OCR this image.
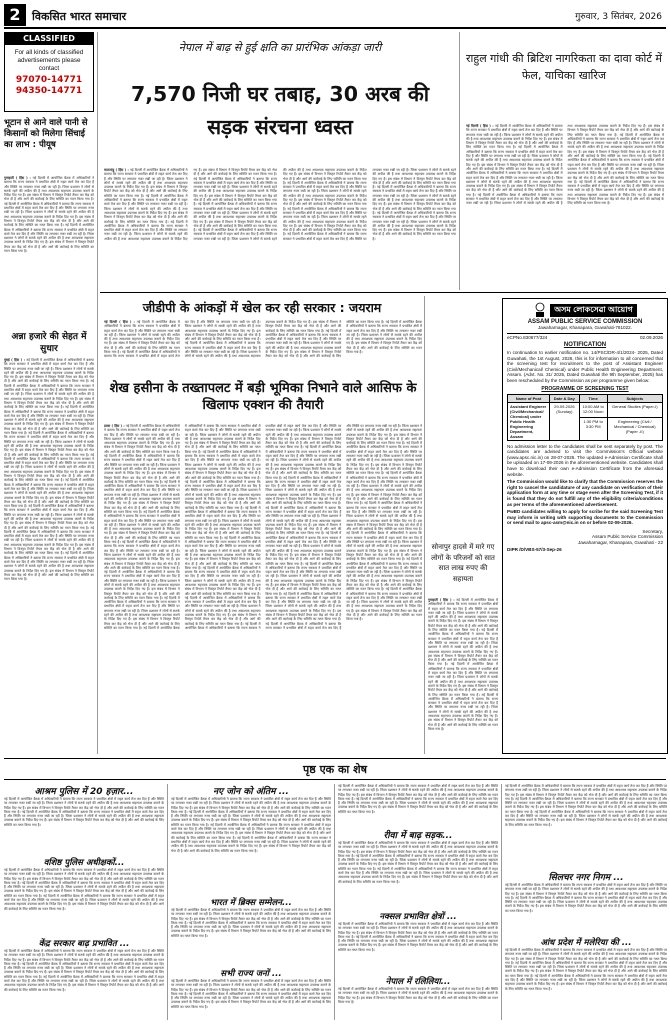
2	विकसित भारत समाचार	गुरुवार, 3 सितंबर, 2026
CLASSIFIED
For all kinds of classified advertisements please contact
97070-14771
94350-14771
भूटान से आने वाले पानी से किसानों को मिलेगा सिंचाई का लाभ : पीयूष
गुवाहाटी ( हिंस ) : नई दिल्ली में आयोजित बैठक में अधिकारियों ने बताया कि राज्य सरकार ने प्रभावित क्षेत्रों में राहत कार्य तेज कर दिए हैं और स्थिति पर लगातार नजर रखी जा रही है। जिला प्रशासन ने लोगों से सतर्क रहने की अपील की है तथा आवश्यक सहायता उपलब्ध कराने के निर्देश दिए गए हैं। इस संबंध में विभाग ने विस्तृत रिपोर्ट तैयार कर केंद्र को भेज दी है और आगे की कार्रवाई के लिए समिति का गठन किया गया है। नई दिल्ली में आयोजित बैठक में अधिकारियों ने बताया कि राज्य सरकार ने प्रभावित क्षेत्रों में राहत कार्य तेज कर दिए हैं और स्थिति पर लगातार नजर रखी जा रही है। जिला प्रशासन ने लोगों से सतर्क रहने की अपील की है तथा आवश्यक सहायता उपलब्ध कराने के निर्देश दिए गए हैं। इस संबंध में विभाग ने विस्तृत रिपोर्ट तैयार कर केंद्र को भेज दी है और आगे की कार्रवाई के लिए समिति का गठन किया गया है। नई दिल्ली में आयोजित बैठक में अधिकारियों ने बताया कि राज्य सरकार ने प्रभावित क्षेत्रों में राहत कार्य तेज कर दिए हैं और स्थिति पर लगातार नजर रखी जा रही है। जिला प्रशासन ने लोगों से सतर्क रहने की अपील की है तथा आवश्यक सहायता उपलब्ध कराने के निर्देश दिए गए हैं। इस संबंध में विभाग ने विस्तृत रिपोर्ट तैयार कर केंद्र को भेज दी है और आगे की कार्रवाई के लिए समिति का गठन किया गया है।
अन्ना हजारे की सेहत में सुधार
मुंबई ( हिंस ) : नई दिल्ली में आयोजित बैठक में अधिकारियों ने बताया कि राज्य सरकार ने प्रभावित क्षेत्रों में राहत कार्य तेज कर दिए हैं और स्थिति पर लगातार नजर रखी जा रही है। जिला प्रशासन ने लोगों से सतर्क रहने की अपील की है तथा आवश्यक सहायता उपलब्ध कराने के निर्देश दिए गए हैं। इस संबंध में विभाग ने विस्तृत रिपोर्ट तैयार कर केंद्र को भेज दी है और आगे की कार्रवाई के लिए समिति का गठन किया गया है। नई दिल्ली में आयोजित बैठक में अधिकारियों ने बताया कि राज्य सरकार ने प्रभावित क्षेत्रों में राहत कार्य तेज कर दिए हैं और स्थिति पर लगातार नजर रखी जा रही है। जिला प्रशासन ने लोगों से सतर्क रहने की अपील की है तथा आवश्यक सहायता उपलब्ध कराने के निर्देश दिए गए हैं। इस संबंध में विभाग ने विस्तृत रिपोर्ट तैयार कर केंद्र को भेज दी है और आगे की कार्रवाई के लिए समिति का गठन किया गया है। नई दिल्ली में आयोजित बैठक में अधिकारियों ने बताया कि राज्य सरकार ने प्रभावित क्षेत्रों में राहत कार्य तेज कर दिए हैं और स्थिति पर लगातार नजर रखी जा रही है। जिला प्रशासन ने लोगों से सतर्क रहने की अपील की है तथा आवश्यक सहायता उपलब्ध कराने के निर्देश दिए गए हैं। इस संबंध में विभाग ने विस्तृत रिपोर्ट तैयार कर केंद्र को भेज दी है और आगे की कार्रवाई के लिए समिति का गठन किया गया है। नई दिल्ली में आयोजित बैठक में अधिकारियों ने बताया कि राज्य सरकार ने प्रभावित क्षेत्रों में राहत कार्य तेज कर दिए हैं और स्थिति पर लगातार नजर रखी जा रही है। जिला प्रशासन ने लोगों से सतर्क रहने की अपील की है तथा आवश्यक सहायता उपलब्ध कराने के निर्देश दिए गए हैं। इस संबंध में विभाग ने विस्तृत रिपोर्ट तैयार कर केंद्र को भेज दी है और आगे की कार्रवाई के लिए समिति का गठन किया गया है। नई दिल्ली में आयोजित बैठक में अधिकारियों ने बताया कि राज्य सरकार ने प्रभावित क्षेत्रों में राहत कार्य तेज कर दिए हैं और स्थिति पर लगातार नजर रखी जा रही है। जिला प्रशासन ने लोगों से सतर्क रहने की अपील की है तथा आवश्यक सहायता उपलब्ध कराने के निर्देश दिए गए हैं। इस संबंध में विभाग ने विस्तृत रिपोर्ट तैयार कर केंद्र को भेज दी है और आगे की कार्रवाई के लिए समिति का गठन किया गया है। नई दिल्ली में आयोजित बैठक में अधिकारियों ने बताया कि राज्य सरकार ने प्रभावित क्षेत्रों में राहत कार्य तेज कर दिए हैं और स्थिति पर लगातार नजर रखी जा रही है। जिला प्रशासन ने लोगों से सतर्क रहने की अपील की है तथा आवश्यक सहायता उपलब्ध कराने के निर्देश दिए गए हैं। इस संबंध में विभाग ने विस्तृत रिपोर्ट तैयार कर केंद्र को भेज दी है और आगे की कार्रवाई के लिए समिति का गठन किया गया है। नई दिल्ली में आयोजित बैठक में अधिकारियों ने बताया कि राज्य सरकार ने प्रभावित क्षेत्रों में राहत कार्य तेज कर दिए हैं और स्थिति पर लगातार नजर रखी जा रही है। जिला प्रशासन ने लोगों से सतर्क रहने की अपील की है तथा आवश्यक सहायता उपलब्ध कराने के निर्देश दिए गए हैं। इस संबंध में विभाग ने विस्तृत रिपोर्ट तैयार कर केंद्र को भेज दी है और आगे की कार्रवाई के लिए समिति का गठन किया गया है। नई दिल्ली में आयोजित बैठक में अधिकारियों ने बताया कि राज्य सरकार ने प्रभावित क्षेत्रों में राहत कार्य तेज कर दिए हैं और स्थिति पर लगातार नजर रखी जा रही है। जिला प्रशासन ने लोगों से सतर्क रहने की अपील की है तथा आवश्यक सहायता उपलब्ध कराने के निर्देश दिए गए हैं। इस संबंध में विभाग ने विस्तृत रिपोर्ट तैयार कर केंद्र को भेज दी है और आगे की कार्रवाई के लिए समिति का गठन किया गया है। नई दिल्ली में आयोजित बैठक में अधिकारियों ने बताया कि राज्य सरकार ने प्रभावित क्षेत्रों में राहत कार्य तेज कर दिए हैं और स्थिति पर लगातार नजर रखी जा रही है। जिला प्रशासन ने लोगों से सतर्क रहने की अपील की है तथा आवश्यक सहायता उपलब्ध कराने के निर्देश दिए गए हैं। इस संबंध में विभाग ने विस्तृत रिपोर्ट तैयार कर केंद्र को भेज दी है और आगे की कार्रवाई के लिए समिति का गठन किया गया है।
नेपाल में बाढ़ से हुई क्षति का प्रारंभिक आंकड़ा जारी
7,570 निजी घर तबाह, 30 अरब की सड़क संरचना ध्वस्त
काठमांडू ( हिंस ) : नई दिल्ली में आयोजित बैठक में अधिकारियों ने बताया कि राज्य सरकार ने प्रभावित क्षेत्रों में राहत कार्य तेज कर दिए हैं और स्थिति पर लगातार नजर रखी जा रही है। जिला प्रशासन ने लोगों से सतर्क रहने की अपील की है तथा आवश्यक सहायता उपलब्ध कराने के निर्देश दिए गए हैं। इस संबंध में विभाग ने विस्तृत रिपोर्ट तैयार कर केंद्र को भेज दी है और आगे की कार्रवाई के लिए समिति का गठन किया गया है। नई दिल्ली में आयोजित बैठक में अधिकारियों ने बताया कि राज्य सरकार ने प्रभावित क्षेत्रों में राहत कार्य तेज कर दिए हैं और स्थिति पर लगातार नजर रखी जा रही है। जिला प्रशासन ने लोगों से सतर्क रहने की अपील की है तथा आवश्यक सहायता उपलब्ध कराने के निर्देश दिए गए हैं। इस संबंध में विभाग ने विस्तृत रिपोर्ट तैयार कर केंद्र को भेज दी है और आगे की कार्रवाई के लिए समिति का गठन किया गया है। नई दिल्ली में आयोजित बैठक में अधिकारियों ने बताया कि राज्य सरकार ने प्रभावित क्षेत्रों में राहत कार्य तेज कर दिए हैं और स्थिति पर लगातार नजर रखी जा रही है। जिला प्रशासन ने लोगों से सतर्क रहने की अपील की है तथा आवश्यक सहायता उपलब्ध कराने के निर्देश दिए गए हैं। इस संबंध में विभाग ने विस्तृत रिपोर्ट तैयार कर केंद्र को भेज दी है और आगे की कार्रवाई के लिए समिति का गठन किया गया है। नई दिल्ली में आयोजित बैठक में अधिकारियों ने बताया कि राज्य सरकार ने प्रभावित क्षेत्रों में राहत कार्य तेज कर दिए हैं और स्थिति पर लगातार नजर रखी जा रही है। जिला प्रशासन ने लोगों से सतर्क रहने की अपील की है तथा आवश्यक सहायता उपलब्ध कराने के निर्देश दिए गए हैं। इस संबंध में विभाग ने विस्तृत रिपोर्ट तैयार कर केंद्र को भेज दी है और आगे की कार्रवाई के लिए समिति का गठन किया गया है। नई दिल्ली में आयोजित बैठक में अधिकारियों ने बताया कि राज्य सरकार ने प्रभावित क्षेत्रों में राहत कार्य तेज कर दिए हैं और स्थिति पर लगातार नजर रखी जा रही है। जिला प्रशासन ने लोगों से सतर्क रहने की अपील की है तथा आवश्यक सहायता उपलब्ध कराने के निर्देश दिए गए हैं। इस संबंध में विभाग ने विस्तृत रिपोर्ट तैयार कर केंद्र को भेज दी है और आगे की कार्रवाई के लिए समिति का गठन किया गया है। नई दिल्ली में आयोजित बैठक में अधिकारियों ने बताया कि राज्य सरकार ने प्रभावित क्षेत्रों में राहत कार्य तेज कर दिए हैं और स्थिति पर लगातार नजर रखी जा रही है। जिला प्रशासन ने लोगों से सतर्क रहने की अपील की है तथा आवश्यक सहायता उपलब्ध कराने के निर्देश दिए गए हैं। इस संबंध में विभाग ने विस्तृत रिपोर्ट तैयार कर केंद्र को भेज दी है और आगे की कार्रवाई के लिए समिति का गठन किया गया है। नई दिल्ली में आयोजित बैठक में अधिकारियों ने बताया कि राज्य सरकार ने प्रभावित क्षेत्रों में राहत कार्य तेज कर दिए हैं और स्थिति पर लगातार नजर रखी जा रही है। जिला प्रशासन ने लोगों से सतर्क रहने की अपील की है तथा आवश्यक सहायता उपलब्ध कराने के निर्देश दिए गए हैं। इस संबंध में विभाग ने विस्तृत रिपोर्ट तैयार कर केंद्र को भेज दी है और आगे की कार्रवाई के लिए समिति का गठन किया गया है। नई दिल्ली में आयोजित बैठक में अधिकारियों ने बताया कि राज्य सरकार ने प्रभावित क्षेत्रों में राहत कार्य तेज कर दिए हैं और स्थिति पर लगातार नजर रखी जा रही है। जिला प्रशासन ने लोगों से सतर्क रहने की अपील की है तथा आवश्यक सहायता उपलब्ध कराने के निर्देश दिए गए हैं। इस संबंध में विभाग ने विस्तृत रिपोर्ट तैयार कर केंद्र को भेज दी है और आगे की कार्रवाई के लिए समिति का गठन किया गया है। नई दिल्ली में आयोजित बैठक में अधिकारियों ने बताया कि राज्य सरकार ने प्रभावित क्षेत्रों में राहत कार्य तेज कर दिए हैं और स्थिति पर लगातार नजर रखी जा रही है। जिला प्रशासन ने लोगों से सतर्क रहने की अपील की है तथा आवश्यक सहायता उपलब्ध कराने के निर्देश दिए गए हैं। इस संबंध में विभाग ने विस्तृत रिपोर्ट तैयार कर केंद्र को भेज दी है और आगे की कार्रवाई के लिए समिति का गठन किया गया है। नई दिल्ली में आयोजित बैठक में अधिकारियों ने बताया कि राज्य सरकार ने प्रभावित क्षेत्रों में राहत कार्य तेज कर दिए हैं और स्थिति पर लगातार नजर रखी जा रही है। जिला प्रशासन ने लोगों से सतर्क रहने की अपील की है तथा आवश्यक सहायता उपलब्ध कराने के निर्देश दिए गए हैं। इस संबंध में विभाग ने विस्तृत रिपोर्ट तैयार कर केंद्र को भेज दी है और आगे की कार्रवाई के लिए समिति का गठन किया गया है। नई दिल्ली में आयोजित बैठक में अधिकारियों ने बताया कि राज्य सरकार ने प्रभावित क्षेत्रों में राहत कार्य तेज कर दिए हैं और स्थिति पर लगातार नजर रखी जा रही है। जिला प्रशासन ने लोगों से सतर्क रहने की अपील की है तथा आवश्यक सहायता उपलब्ध कराने के निर्देश दिए गए हैं। इस संबंध में विभाग ने विस्तृत रिपोर्ट तैयार कर केंद्र को भेज दी है और आगे की कार्रवाई के लिए समिति का गठन किया गया है।
राहुल गांधी की ब्रिटिश नागरिकता का दावा कोर्ट में फेल, याचिका खारिज
नई दिल्ली ( हिंस ) : नई दिल्ली में आयोजित बैठक में अधिकारियों ने बताया कि राज्य सरकार ने प्रभावित क्षेत्रों में राहत कार्य तेज कर दिए हैं और स्थिति पर लगातार नजर रखी जा रही है। जिला प्रशासन ने लोगों से सतर्क रहने की अपील की है तथा आवश्यक सहायता उपलब्ध कराने के निर्देश दिए गए हैं। इस संबंध में विभाग ने विस्तृत रिपोर्ट तैयार कर केंद्र को भेज दी है और आगे की कार्रवाई के लिए समिति का गठन किया गया है। नई दिल्ली में आयोजित बैठक में अधिकारियों ने बताया कि राज्य सरकार ने प्रभावित क्षेत्रों में राहत कार्य तेज कर दिए हैं और स्थिति पर लगातार नजर रखी जा रही है। जिला प्रशासन ने लोगों से सतर्क रहने की अपील की है तथा आवश्यक सहायता उपलब्ध कराने के निर्देश दिए गए हैं। इस संबंध में विभाग ने विस्तृत रिपोर्ट तैयार कर केंद्र को भेज दी है और आगे की कार्रवाई के लिए समिति का गठन किया गया है। नई दिल्ली में आयोजित बैठक में अधिकारियों ने बताया कि राज्य सरकार ने प्रभावित क्षेत्रों में राहत कार्य तेज कर दिए हैं और स्थिति पर लगातार नजर रखी जा रही है। जिला प्रशासन ने लोगों से सतर्क रहने की अपील की है तथा आवश्यक सहायता उपलब्ध कराने के निर्देश दिए गए हैं। इस संबंध में विभाग ने विस्तृत रिपोर्ट तैयार कर केंद्र को भेज दी है और आगे की कार्रवाई के लिए समिति का गठन किया गया है। नई दिल्ली में आयोजित बैठक में अधिकारियों ने बताया कि राज्य सरकार ने प्रभावित क्षेत्रों में राहत कार्य तेज कर दिए हैं और स्थिति पर लगातार नजर रखी जा रही है। जिला प्रशासन ने लोगों से सतर्क रहने की अपील की है तथा आवश्यक सहायता उपलब्ध कराने के निर्देश दिए गए हैं। इस संबंध में विभाग ने विस्तृत रिपोर्ट तैयार कर केंद्र को भेज दी है और आगे की कार्रवाई के लिए समिति का गठन किया गया है। नई दिल्ली में आयोजित बैठक में अधिकारियों ने बताया कि राज्य सरकार ने प्रभावित क्षेत्रों में राहत कार्य तेज कर दिए हैं और स्थिति पर लगातार नजर रखी जा रही है। जिला प्रशासन ने लोगों से सतर्क रहने की अपील की है तथा आवश्यक सहायता उपलब्ध कराने के निर्देश दिए गए हैं। इस संबंध में विभाग ने विस्तृत रिपोर्ट तैयार कर केंद्र को भेज दी है और आगे की कार्रवाई के लिए समिति का गठन किया गया है। नई दिल्ली में आयोजित बैठक में अधिकारियों ने बताया कि राज्य सरकार ने प्रभावित क्षेत्रों में राहत कार्य तेज कर दिए हैं और स्थिति पर लगातार नजर रखी जा रही है। जिला प्रशासन ने लोगों से सतर्क रहने की अपील की है तथा आवश्यक सहायता उपलब्ध कराने के निर्देश दिए गए हैं। इस संबंध में विभाग ने विस्तृत रिपोर्ट तैयार कर केंद्र को भेज दी है और आगे की कार्रवाई के लिए समिति का गठन किया गया है। नई दिल्ली में आयोजित बैठक में अधिकारियों ने बताया कि राज्य सरकार ने प्रभावित क्षेत्रों में राहत कार्य तेज कर दिए हैं और स्थिति पर लगातार नजर रखी जा रही है। जिला प्रशासन ने लोगों से सतर्क रहने की अपील की है तथा आवश्यक सहायता उपलब्ध कराने के निर्देश दिए गए हैं। इस संबंध में विभाग ने विस्तृत रिपोर्ट तैयार कर केंद्र को भेज दी है और आगे की कार्रवाई के लिए समिति का गठन किया गया है।
जीडीपी के आंकड़ों में खेल कर रही सरकार : जयराम
नई दिल्ली ( हिंस ) : नई दिल्ली में आयोजित बैठक में अधिकारियों ने बताया कि राज्य सरकार ने प्रभावित क्षेत्रों में राहत कार्य तेज कर दिए हैं और स्थिति पर लगातार नजर रखी जा रही है। जिला प्रशासन ने लोगों से सतर्क रहने की अपील की है तथा आवश्यक सहायता उपलब्ध कराने के निर्देश दिए गए हैं। इस संबंध में विभाग ने विस्तृत रिपोर्ट तैयार कर केंद्र को भेज दी है और आगे की कार्रवाई के लिए समिति का गठन किया गया है। नई दिल्ली में आयोजित बैठक में अधिकारियों ने बताया कि राज्य सरकार ने प्रभावित क्षेत्रों में राहत कार्य तेज कर दिए हैं और स्थिति पर लगातार नजर रखी जा रही है। जिला प्रशासन ने लोगों से सतर्क रहने की अपील की है तथा आवश्यक सहायता उपलब्ध कराने के निर्देश दिए गए हैं। इस संबंध में विभाग ने विस्तृत रिपोर्ट तैयार कर केंद्र को भेज दी है और आगे की कार्रवाई के लिए समिति का गठन किया गया है। नई दिल्ली में आयोजित बैठक में अधिकारियों ने बताया कि राज्य सरकार ने प्रभावित क्षेत्रों में राहत कार्य तेज कर दिए हैं और स्थिति पर लगातार नजर रखी जा रही है। जिला प्रशासन ने लोगों से सतर्क रहने की अपील की है तथा आवश्यक सहायता उपलब्ध कराने के निर्देश दिए गए हैं। इस संबंध में विभाग ने विस्तृत रिपोर्ट तैयार कर केंद्र को भेज दी है और आगे की कार्रवाई के लिए समिति का गठन किया गया है। नई दिल्ली में आयोजित बैठक में अधिकारियों ने बताया कि राज्य सरकार ने प्रभावित क्षेत्रों में राहत कार्य तेज कर दिए हैं और स्थिति पर लगातार नजर रखी जा रही है। जिला प्रशासन ने लोगों से सतर्क रहने की अपील की है तथा आवश्यक सहायता उपलब्ध कराने के निर्देश दिए गए हैं। इस संबंध में विभाग ने विस्तृत रिपोर्ट तैयार कर केंद्र को भेज दी है और आगे की कार्रवाई के लिए समिति का गठन किया गया है। नई दिल्ली में आयोजित बैठक में अधिकारियों ने बताया कि राज्य सरकार ने प्रभावित क्षेत्रों में राहत कार्य तेज कर दिए हैं और स्थिति पर लगातार नजर रखी जा रही है। जिला प्रशासन ने लोगों से सतर्क रहने की अपील की है तथा आवश्यक सहायता उपलब्ध कराने के निर्देश दिए गए हैं। इस संबंध में विभाग ने विस्तृत रिपोर्ट तैयार कर केंद्र को भेज दी है और आगे की कार्रवाई के लिए समिति का गठन किया गया है।
शेख हसीना के तख्तापलट में बड़ी भूमिका निभाने वाले आसिफ के खिलाफ एक्शन की तैयारी
ढाका ( हिंस ) : नई दिल्ली में आयोजित बैठक में अधिकारियों ने बताया कि राज्य सरकार ने प्रभावित क्षेत्रों में राहत कार्य तेज कर दिए हैं और स्थिति पर लगातार नजर रखी जा रही है। जिला प्रशासन ने लोगों से सतर्क रहने की अपील की है तथा आवश्यक सहायता उपलब्ध कराने के निर्देश दिए गए हैं। इस संबंध में विभाग ने विस्तृत रिपोर्ट तैयार कर केंद्र को भेज दी है और आगे की कार्रवाई के लिए समिति का गठन किया गया है। नई दिल्ली में आयोजित बैठक में अधिकारियों ने बताया कि राज्य सरकार ने प्रभावित क्षेत्रों में राहत कार्य तेज कर दिए हैं और स्थिति पर लगातार नजर रखी जा रही है। जिला प्रशासन ने लोगों से सतर्क रहने की अपील की है तथा आवश्यक सहायता उपलब्ध कराने के निर्देश दिए गए हैं। इस संबंध में विभाग ने विस्तृत रिपोर्ट तैयार कर केंद्र को भेज दी है और आगे की कार्रवाई के लिए समिति का गठन किया गया है। नई दिल्ली में आयोजित बैठक में अधिकारियों ने बताया कि राज्य सरकार ने प्रभावित क्षेत्रों में राहत कार्य तेज कर दिए हैं और स्थिति पर लगातार नजर रखी जा रही है। जिला प्रशासन ने लोगों से सतर्क रहने की अपील की है तथा आवश्यक सहायता उपलब्ध कराने के निर्देश दिए गए हैं। इस संबंध में विभाग ने विस्तृत रिपोर्ट तैयार कर केंद्र को भेज दी है और आगे की कार्रवाई के लिए समिति का गठन किया गया है। नई दिल्ली में आयोजित बैठक में अधिकारियों ने बताया कि राज्य सरकार ने प्रभावित क्षेत्रों में राहत कार्य तेज कर दिए हैं और स्थिति पर लगातार नजर रखी जा रही है। जिला प्रशासन ने लोगों से सतर्क रहने की अपील की है तथा आवश्यक सहायता उपलब्ध कराने के निर्देश दिए गए हैं। इस संबंध में विभाग ने विस्तृत रिपोर्ट तैयार कर केंद्र को भेज दी है और आगे की कार्रवाई के लिए समिति का गठन किया गया है। नई दिल्ली में आयोजित बैठक में अधिकारियों ने बताया कि राज्य सरकार ने प्रभावित क्षेत्रों में राहत कार्य तेज कर दिए हैं और स्थिति पर लगातार नजर रखी जा रही है। जिला प्रशासन ने लोगों से सतर्क रहने की अपील की है तथा आवश्यक सहायता उपलब्ध कराने के निर्देश दिए गए हैं। इस संबंध में विभाग ने विस्तृत रिपोर्ट तैयार कर केंद्र को भेज दी है और आगे की कार्रवाई के लिए समिति का गठन किया गया है। नई दिल्ली में आयोजित बैठक में अधिकारियों ने बताया कि राज्य सरकार ने प्रभावित क्षेत्रों में राहत कार्य तेज कर दिए हैं और स्थिति पर लगातार नजर रखी जा रही है। जिला प्रशासन ने लोगों से सतर्क रहने की अपील की है तथा आवश्यक सहायता उपलब्ध कराने के निर्देश दिए गए हैं। इस संबंध में विभाग ने विस्तृत रिपोर्ट तैयार कर केंद्र को भेज दी है और आगे की कार्रवाई के लिए समिति का गठन किया गया है। नई दिल्ली में आयोजित बैठक में अधिकारियों ने बताया कि राज्य सरकार ने प्रभावित क्षेत्रों में राहत कार्य तेज कर दिए हैं और स्थिति पर लगातार नजर रखी जा रही है। जिला प्रशासन ने लोगों से सतर्क रहने की अपील की है तथा आवश्यक सहायता उपलब्ध कराने के निर्देश दिए गए हैं। इस संबंध में विभाग ने विस्तृत रिपोर्ट तैयार कर केंद्र को भेज दी है और आगे की कार्रवाई के लिए समिति का गठन किया गया है। नई दिल्ली में आयोजित बैठक में अधिकारियों ने बताया कि राज्य सरकार ने प्रभावित क्षेत्रों में राहत कार्य तेज कर दिए हैं और स्थिति पर लगातार नजर रखी जा रही है। जिला प्रशासन ने लोगों से सतर्क रहने की अपील की है तथा आवश्यक सहायता उपलब्ध कराने के निर्देश दिए गए हैं। इस संबंध में विभाग ने विस्तृत रिपोर्ट तैयार कर केंद्र को भेज दी है और आगे की कार्रवाई के लिए समिति का गठन किया गया है। नई दिल्ली में आयोजित बैठक में अधिकारियों ने बताया कि राज्य सरकार ने प्रभावित क्षेत्रों में राहत कार्य तेज कर दिए हैं और स्थिति पर लगातार नजर रखी जा रही है। जिला प्रशासन ने लोगों से सतर्क रहने की अपील की है तथा आवश्यक सहायता उपलब्ध कराने के निर्देश दिए गए हैं। इस संबंध में विभाग ने विस्तृत रिपोर्ट तैयार कर केंद्र को भेज दी है और आगे की कार्रवाई के लिए समिति का गठन किया गया है। नई दिल्ली में आयोजित बैठक में अधिकारियों ने बताया कि राज्य सरकार ने प्रभावित क्षेत्रों में राहत कार्य तेज कर दिए हैं और स्थिति पर लगातार नजर रखी जा रही है। जिला प्रशासन ने लोगों से सतर्क रहने की अपील की है तथा आवश्यक सहायता उपलब्ध कराने के निर्देश दिए गए हैं। इस संबंध में विभाग ने विस्तृत रिपोर्ट तैयार कर केंद्र को भेज दी है और आगे की कार्रवाई के लिए समिति का गठन किया गया है। नई दिल्ली में आयोजित बैठक में अधिकारियों ने बताया कि राज्य सरकार ने प्रभावित क्षेत्रों में राहत कार्य तेज कर दिए हैं और स्थिति पर लगातार नजर रखी जा रही है। जिला प्रशासन ने लोगों से सतर्क रहने की अपील की है तथा आवश्यक सहायता उपलब्ध कराने के निर्देश दिए गए हैं। इस संबंध में विभाग ने विस्तृत रिपोर्ट तैयार कर केंद्र को भेज दी है और आगे की कार्रवाई के लिए समिति का गठन किया गया है। नई दिल्ली में आयोजित बैठक में अधिकारियों ने बताया कि राज्य सरकार ने प्रभावित क्षेत्रों में राहत कार्य तेज कर दिए हैं और स्थिति पर लगातार नजर रखी जा रही है। जिला प्रशासन ने लोगों से सतर्क रहने की अपील की है तथा आवश्यक सहायता उपलब्ध कराने के निर्देश दिए गए हैं। इस संबंध में विभाग ने विस्तृत रिपोर्ट तैयार कर केंद्र को भेज दी है और आगे की कार्रवाई के लिए समिति का गठन किया गया है। नई दिल्ली में आयोजित बैठक में अधिकारियों ने बताया कि राज्य सरकार ने प्रभावित क्षेत्रों में राहत कार्य तेज कर दिए हैं और स्थिति पर लगातार नजर रखी जा रही है। जिला प्रशासन ने लोगों से सतर्क रहने की अपील की है तथा आवश्यक सहायता उपलब्ध कराने के निर्देश दिए गए हैं। इस संबंध में विभाग ने विस्तृत रिपोर्ट तैयार कर केंद्र को भेज दी है और आगे की कार्रवाई के लिए समिति का गठन किया गया है। नई दिल्ली में आयोजित बैठक में अधिकारियों ने बताया कि राज्य सरकार ने प्रभावित क्षेत्रों में राहत कार्य तेज कर दिए हैं और स्थिति पर लगातार नजर रखी जा रही है। जिला प्रशासन ने लोगों से सतर्क रहने की अपील की है तथा आवश्यक सहायता उपलब्ध कराने के निर्देश दिए गए हैं। इस संबंध में विभाग ने विस्तृत रिपोर्ट तैयार कर केंद्र को भेज दी है और आगे की कार्रवाई के लिए समिति का गठन किया गया है। नई दिल्ली में आयोजित बैठक में अधिकारियों ने बताया कि राज्य सरकार ने प्रभावित क्षेत्रों में राहत कार्य तेज कर दिए हैं और स्थिति पर लगातार नजर रखी जा रही है। जिला प्रशासन ने लोगों से सतर्क रहने की अपील की है तथा आवश्यक सहायता उपलब्ध कराने के निर्देश दिए गए हैं। इस संबंध में विभाग ने विस्तृत रिपोर्ट तैयार कर केंद्र को भेज दी है और आगे की कार्रवाई के लिए समिति का गठन किया गया है। नई दिल्ली में आयोजित बैठक में अधिकारियों ने बताया कि राज्य सरकार ने प्रभावित क्षेत्रों में राहत कार्य तेज कर दिए हैं और स्थिति पर लगातार नजर रखी जा रही है। जिला प्रशासन ने लोगों से सतर्क रहने की अपील की है तथा आवश्यक सहायता उपलब्ध कराने के निर्देश दिए गए हैं। इस संबंध में विभाग ने विस्तृत रिपोर्ट तैयार कर केंद्र को भेज दी है और आगे की कार्रवाई के लिए समिति का गठन किया गया है। नई दिल्ली में आयोजित बैठक में अधिकारियों ने बताया कि राज्य सरकार ने प्रभावित क्षेत्रों में राहत कार्य तेज कर दिए हैं और स्थिति पर लगातार नजर रखी जा रही है। जिला प्रशासन ने लोगों से सतर्क रहने की अपील की है तथा आवश्यक सहायता उपलब्ध कराने के निर्देश दिए गए हैं। इस संबंध में विभाग ने विस्तृत रिपोर्ट तैयार कर केंद्र को भेज दी है और आगे की कार्रवाई के लिए समिति का गठन किया गया है। नई दिल्ली में आयोजित बैठक में अधिकारियों ने बताया कि राज्य सरकार ने प्रभावित क्षेत्रों में राहत कार्य तेज कर दिए हैं और स्थिति पर लगातार नजर रखी जा रही है। जिला प्रशासन ने लोगों से सतर्क रहने की अपील की है तथा आवश्यक सहायता उपलब्ध कराने के निर्देश दिए गए हैं। इस संबंध में विभाग ने विस्तृत रिपोर्ट तैयार कर केंद्र को भेज दी है और आगे की कार्रवाई के लिए समिति का गठन किया गया है। नई दिल्ली में आयोजित बैठक में अधिकारियों ने बताया कि राज्य सरकार ने प्रभावित क्षेत्रों में राहत कार्य तेज कर दिए हैं और स्थिति पर लगातार नजर रखी जा रही है। जिला प्रशासन ने लोगों से सतर्क रहने की अपील की है तथा आवश्यक सहायता उपलब्ध कराने के निर्देश दिए गए हैं। इस संबंध में विभाग ने विस्तृत रिपोर्ट तैयार कर केंद्र को भेज दी है और आगे की कार्रवाई के लिए समिति का गठन किया गया है। नई दिल्ली में आयोजित बैठक में अधिकारियों ने बताया कि राज्य सरकार ने प्रभावित क्षेत्रों में राहत कार्य तेज कर दिए हैं और स्थिति पर लगातार नजर रखी जा रही है। जिला प्रशासन ने लोगों से सतर्क रहने की अपील की है तथा आवश्यक सहायता उपलब्ध कराने के निर्देश दिए गए हैं। इस संबंध में विभाग ने विस्तृत रिपोर्ट तैयार कर केंद्र को भेज दी है और आगे की कार्रवाई के लिए समिति का गठन किया गया है। नई दिल्ली में आयोजित बैठक में अधिकारियों ने बताया कि राज्य सरकार ने प्रभावित क्षेत्रों में राहत कार्य तेज कर दिए हैं और स्थिति पर लगातार नजर रखी जा रही है। जिला प्रशासन ने लोगों से सतर्क रहने की अपील की है तथा आवश्यक सहायता उपलब्ध कराने के निर्देश दिए गए हैं। इस संबंध में विभाग ने विस्तृत रिपोर्ट तैयार कर केंद्र को भेज दी है और आगे की कार्रवाई के लिए समिति का गठन किया गया है। नई दिल्ली में आयोजित बैठक में अधिकारियों ने बताया कि राज्य सरकार ने प्रभावित क्षेत्रों में राहत कार्य तेज कर दिए हैं और स्थिति पर लगातार नजर रखी जा रही है। जिला प्रशासन ने लोगों से सतर्क रहने की अपील की है तथा आवश्यक सहायता उपलब्ध कराने के निर्देश दिए गए हैं। इस संबंध में विभाग ने विस्तृत रिपोर्ट तैयार कर केंद्र को भेज दी है और आगे की कार्रवाई के लिए समिति का गठन किया गया है। नई दिल्ली में आयोजित बैठक में अधिकारियों ने बताया कि राज्य सरकार ने प्रभावित क्षेत्रों में राहत कार्य तेज कर दिए हैं और स्थिति पर लगातार नजर रखी जा रही है। जिला प्रशासन ने लोगों से सतर्क रहने की अपील की है तथा आवश्यक सहायता उपलब्ध कराने के निर्देश दिए गए हैं। इस संबंध में विभाग ने विस्तृत रिपोर्ट तैयार कर केंद्र को भेज दी है और आगे की कार्रवाई के लिए समिति का गठन किया गया है। नई दिल्ली में आयोजित बैठक में अधिकारियों ने बताया कि राज्य सरकार ने प्रभावित क्षेत्रों में राहत कार्य तेज कर दिए हैं और स्थिति पर लगातार नजर रखी जा रही है। जिला प्रशासन ने लोगों से सतर्क रहने की अपील की है तथा आवश्यक सहायता उपलब्ध कराने के निर्देश दिए गए हैं। इस संबंध में विभाग ने विस्तृत रिपोर्ट तैयार कर केंद्र को भेज दी है और आगे की कार्रवाई के लिए समिति का गठन किया गया है। नई दिल्ली में आयोजित बैठक में अधिकारियों ने बताया कि राज्य सरकार ने प्रभावित क्षेत्रों में राहत कार्य तेज कर दिए हैं और स्थिति पर लगातार नजर रखी जा रही है। जिला प्रशासन ने लोगों से सतर्क रहने की अपील की है तथा आवश्यक सहायता उपलब्ध कराने के निर्देश दिए गए हैं। इस संबंध में विभाग ने विस्तृत रिपोर्ट तैयार कर केंद्र को भेज दी है और आगे की कार्रवाई के लिए समिति का गठन किया गया है। नई दिल्ली में आयोजित बैठक में अधिकारियों ने बताया कि राज्य सरकार ने प्रभावित क्षेत्रों में राहत कार्य तेज कर दिए हैं और स्थिति पर लगातार नजर रखी जा रही है। जिला प्रशासन ने लोगों से सतर्क रहने की अपील की है तथा आवश्यक सहायता उपलब्ध कराने के निर्देश दिए गए हैं। इस संबंध में विभाग ने विस्तृत रिपोर्ट तैयार कर केंद्र को भेज दी है और आगे की कार्रवाई के लिए समिति का गठन किया गया है। नई दिल्ली में आयोजित बैठक में अधिकारियों ने बताया कि राज्य सरकार ने प्रभावित क्षेत्रों में राहत कार्य तेज कर दिए हैं और स्थिति पर लगातार नजर रखी जा रही है। जिला प्रशासन ने लोगों से सतर्क रहने की अपील की है तथा आवश्यक सहायता उपलब्ध कराने के निर्देश दिए गए हैं। इस संबंध में विभाग ने विस्तृत रिपोर्ट तैयार कर केंद्र को भेज दी है और आगे की कार्रवाई के लिए समिति का गठन किया गया है। नई दिल्ली में आयोजित बैठक में अधिकारियों ने बताया कि राज्य सरकार ने प्रभावित क्षेत्रों में राहत कार्य तेज कर दिए हैं और स्थिति पर लगातार नजर रखी जा रही है। जिला प्रशासन ने लोगों से सतर्क रहने की अपील की है तथा आवश्यक सहायता उपलब्ध कराने के निर्देश दिए गए हैं। इस संबंध में विभाग ने विस्तृत रिपोर्ट तैयार कर केंद्र को भेज दी है और आगे की कार्रवाई के लिए समिति का गठन किया गया है।
सोनापुर हादसे में मारे गए लोगों के परिजनों को सात सात लाख रुपए की सहायता
गुवाहाटी ( हिंस ) : नई दिल्ली में आयोजित बैठक में अधिकारियों ने बताया कि राज्य सरकार ने प्रभावित क्षेत्रों में राहत कार्य तेज कर दिए हैं और स्थिति पर लगातार नजर रखी जा रही है। जिला प्रशासन ने लोगों से सतर्क रहने की अपील की है तथा आवश्यक सहायता उपलब्ध कराने के निर्देश दिए गए हैं। इस संबंध में विभाग ने विस्तृत रिपोर्ट तैयार कर केंद्र को भेज दी है और आगे की कार्रवाई के लिए समिति का गठन किया गया है। नई दिल्ली में आयोजित बैठक में अधिकारियों ने बताया कि राज्य सरकार ने प्रभावित क्षेत्रों में राहत कार्य तेज कर दिए हैं और स्थिति पर लगातार नजर रखी जा रही है। जिला प्रशासन ने लोगों से सतर्क रहने की अपील की है तथा आवश्यक सहायता उपलब्ध कराने के निर्देश दिए गए हैं। इस संबंध में विभाग ने विस्तृत रिपोर्ट तैयार कर केंद्र को भेज दी है और आगे की कार्रवाई के लिए समिति का गठन किया गया है। नई दिल्ली में आयोजित बैठक में अधिकारियों ने बताया कि राज्य सरकार ने प्रभावित क्षेत्रों में राहत कार्य तेज कर दिए हैं और स्थिति पर लगातार नजर रखी जा रही है। जिला प्रशासन ने लोगों से सतर्क रहने की अपील की है तथा आवश्यक सहायता उपलब्ध कराने के निर्देश दिए गए हैं। इस संबंध में विभाग ने विस्तृत रिपोर्ट तैयार कर केंद्र को भेज दी है और आगे की कार्रवाई के लिए समिति का गठन किया गया है। नई दिल्ली में आयोजित बैठक में अधिकारियों ने बताया कि राज्य सरकार ने प्रभावित क्षेत्रों में राहत कार्य तेज कर दिए हैं और स्थिति पर लगातार नजर रखी जा रही है। जिला प्रशासन ने लोगों से सतर्क रहने की अपील की है तथा आवश्यक सहायता उपलब्ध कराने के निर्देश दिए गए हैं। इस संबंध में विभाग ने विस्तृत रिपोर्ट तैयार कर केंद्र को भेज दी है और आगे की कार्रवाई के लिए समिति का गठन किया गया है।
অসম লোকসেৱা আয়োগ
ASSAM PUBLIC SERVICE COMMISSION
Jawaharnagar, Khanapara, Guwahati-781022.
eCPNo.830677/324	02.09.2026
NOTIFICATION
In continuation to earlier notification no. 14/PSC/DR-4/1/2024- 2025, Dated Guwahati, the 1st August, 2026, this is for information to all concerned that the screening test for recruitment to the post of Assistant Engineer (Civil/Mechanical/ Chemical) under Public Health Engineering Department, Assam. (Advt. No. 31/ 2025, Dated Guwahati the 9th September, 2025) has been rescheduled by the Commission as per programme given below:
PROGRAMME OF SCREENING TEST
Name of Post	Date & Day	Time	Subjects
Assistant Engineer (Civil/Mechanical/ Chemical) under Public Health Engineering Department, Assam	29-09-2026 (Sunday)	10:00 AM to 12:00 Noon	General Studies (Paper-I)
		1:30 PM to 3:30 PM	Engineering (Civil / Mechanical / Chemical) (Paper -II)
No admission letter to the candidates shall be sent separately by post. The candidates are advised to visit the Commission's Official website (www.apsc.nic.in) on 28-07-2026. The updated e-Admission Certificate shall be uploaded on 17-09-2026 in the aforementioned website. Candidates shall have to download their own e-Admission Certificate from the aforesaid website.
The Commission would like to clarify that the Commission reserves the right to cancel the candidature of any candidate on verification of their application form at any time or stage even after the Screening Test, if it is found that they do not fulfill any of the eligibility criteria/conditions as per terms of the aforementioned advertisement.
PwBD candidates willing to apply for scribe for the said Screening Test may inform in writing with supporting documents to the Commission or send mail to apsc-asm@nic.in on or before 02-09-2026.
Secretary,
Assam Public Service Commission
Jawaharnagar, Khanapara, Guwahati - 22
DIPR /D/VBS-57/3-Sep-26
पृष्ठ एक का शेष
आश्रम पुलिस में 20 हज़ार...
नई दिल्ली में आयोजित बैठक में अधिकारियों ने बताया कि राज्य सरकार ने प्रभावित क्षेत्रों में राहत कार्य तेज कर दिए हैं और स्थिति पर लगातार नजर रखी जा रही है। जिला प्रशासन ने लोगों से सतर्क रहने की अपील की है तथा आवश्यक सहायता उपलब्ध कराने के निर्देश दिए गए हैं। इस संबंध में विभाग ने विस्तृत रिपोर्ट तैयार कर केंद्र को भेज दी है और आगे की कार्रवाई के लिए समिति का गठन किया गया है। नई दिल्ली में आयोजित बैठक में अधिकारियों ने बताया कि राज्य सरकार ने प्रभावित क्षेत्रों में राहत कार्य तेज कर दिए हैं और स्थिति पर लगातार नजर रखी जा रही है। जिला प्रशासन ने लोगों से सतर्क रहने की अपील की है तथा आवश्यक सहायता उपलब्ध कराने के निर्देश दिए गए हैं। इस संबंध में विभाग ने विस्तृत रिपोर्ट तैयार कर केंद्र को भेज दी है और आगे की कार्रवाई के लिए समिति का गठन किया गया है।
वशिष्ठ पुलिस अधीक्षकों...
नई दिल्ली में आयोजित बैठक में अधिकारियों ने बताया कि राज्य सरकार ने प्रभावित क्षेत्रों में राहत कार्य तेज कर दिए हैं और स्थिति पर लगातार नजर रखी जा रही है। जिला प्रशासन ने लोगों से सतर्क रहने की अपील की है तथा आवश्यक सहायता उपलब्ध कराने के निर्देश दिए गए हैं। इस संबंध में विभाग ने विस्तृत रिपोर्ट तैयार कर केंद्र को भेज दी है और आगे की कार्रवाई के लिए समिति का गठन किया गया है। नई दिल्ली में आयोजित बैठक में अधिकारियों ने बताया कि राज्य सरकार ने प्रभावित क्षेत्रों में राहत कार्य तेज कर दिए हैं और स्थिति पर लगातार नजर रखी जा रही है। जिला प्रशासन ने लोगों से सतर्क रहने की अपील की है तथा आवश्यक सहायता उपलब्ध कराने के निर्देश दिए गए हैं। इस संबंध में विभाग ने विस्तृत रिपोर्ट तैयार कर केंद्र को भेज दी है और आगे की कार्रवाई के लिए समिति का गठन किया गया है। नई दिल्ली में आयोजित बैठक में अधिकारियों ने बताया कि राज्य सरकार ने प्रभावित क्षेत्रों में राहत कार्य तेज कर दिए हैं और स्थिति पर लगातार नजर रखी जा रही है। जिला प्रशासन ने लोगों से सतर्क रहने की अपील की है तथा आवश्यक सहायता उपलब्ध कराने के निर्देश दिए गए हैं। इस संबंध में विभाग ने विस्तृत रिपोर्ट तैयार कर केंद्र को भेज दी है और आगे की कार्रवाई के लिए समिति का गठन किया गया है।
केंद्र सरकार बाढ़ प्रभावित ...
नई दिल्ली में आयोजित बैठक में अधिकारियों ने बताया कि राज्य सरकार ने प्रभावित क्षेत्रों में राहत कार्य तेज कर दिए हैं और स्थिति पर लगातार नजर रखी जा रही है। जिला प्रशासन ने लोगों से सतर्क रहने की अपील की है तथा आवश्यक सहायता उपलब्ध कराने के निर्देश दिए गए हैं। इस संबंध में विभाग ने विस्तृत रिपोर्ट तैयार कर केंद्र को भेज दी है और आगे की कार्रवाई के लिए समिति का गठन किया गया है। नई दिल्ली में आयोजित बैठक में अधिकारियों ने बताया कि राज्य सरकार ने प्रभावित क्षेत्रों में राहत कार्य तेज कर दिए हैं और स्थिति पर लगातार नजर रखी जा रही है। जिला प्रशासन ने लोगों से सतर्क रहने की अपील की है तथा आवश्यक सहायता उपलब्ध कराने के निर्देश दिए गए हैं। इस संबंध में विभाग ने विस्तृत रिपोर्ट तैयार कर केंद्र को भेज दी है और आगे की कार्रवाई के लिए समिति का गठन किया गया है। नई दिल्ली में आयोजित बैठक में अधिकारियों ने बताया कि राज्य सरकार ने प्रभावित क्षेत्रों में राहत कार्य तेज कर दिए हैं और स्थिति पर लगातार नजर रखी जा रही है। जिला प्रशासन ने लोगों से सतर्क रहने की अपील की है तथा आवश्यक सहायता उपलब्ध कराने के निर्देश दिए गए हैं। इस संबंध में विभाग ने विस्तृत रिपोर्ट तैयार कर केंद्र को भेज दी है और आगे की कार्रवाई के लिए समिति का गठन किया गया है।
नए जोन को अंतिम ...
नई दिल्ली में आयोजित बैठक में अधिकारियों ने बताया कि राज्य सरकार ने प्रभावित क्षेत्रों में राहत कार्य तेज कर दिए हैं और स्थिति पर लगातार नजर रखी जा रही है। जिला प्रशासन ने लोगों से सतर्क रहने की अपील की है तथा आवश्यक सहायता उपलब्ध कराने के निर्देश दिए गए हैं। इस संबंध में विभाग ने विस्तृत रिपोर्ट तैयार कर केंद्र को भेज दी है और आगे की कार्रवाई के लिए समिति का गठन किया गया है। नई दिल्ली में आयोजित बैठक में अधिकारियों ने बताया कि राज्य सरकार ने प्रभावित क्षेत्रों में राहत कार्य तेज कर दिए हैं और स्थिति पर लगातार नजर रखी जा रही है। जिला प्रशासन ने लोगों से सतर्क रहने की अपील की है तथा आवश्यक सहायता उपलब्ध कराने के निर्देश दिए गए हैं। इस संबंध में विभाग ने विस्तृत रिपोर्ट तैयार कर केंद्र को भेज दी है और आगे की कार्रवाई के लिए समिति का गठन किया गया है। नई दिल्ली में आयोजित बैठक में अधिकारियों ने बताया कि राज्य सरकार ने प्रभावित क्षेत्रों में राहत कार्य तेज कर दिए हैं और स्थिति पर लगातार नजर रखी जा रही है। जिला प्रशासन ने लोगों से सतर्क रहने की अपील की है तथा आवश्यक सहायता उपलब्ध कराने के निर्देश दिए गए हैं। इस संबंध में विभाग ने विस्तृत रिपोर्ट तैयार कर केंद्र को भेज दी है और आगे की कार्रवाई के लिए समिति का गठन किया गया है। नई दिल्ली में आयोजित बैठक में अधिकारियों ने बताया कि राज्य सरकार ने प्रभावित क्षेत्रों में राहत कार्य तेज कर दिए हैं और स्थिति पर लगातार नजर रखी जा रही है। जिला प्रशासन ने लोगों से सतर्क रहने की अपील की है तथा आवश्यक सहायता उपलब्ध कराने के निर्देश दिए गए हैं। इस संबंध में विभाग ने विस्तृत रिपोर्ट तैयार कर केंद्र को भेज दी है और आगे की कार्रवाई के लिए समिति का गठन किया गया है।
भारत में ब्रिक्स सम्मेलन...
नई दिल्ली में आयोजित बैठक में अधिकारियों ने बताया कि राज्य सरकार ने प्रभावित क्षेत्रों में राहत कार्य तेज कर दिए हैं और स्थिति पर लगातार नजर रखी जा रही है। जिला प्रशासन ने लोगों से सतर्क रहने की अपील की है तथा आवश्यक सहायता उपलब्ध कराने के निर्देश दिए गए हैं। इस संबंध में विभाग ने विस्तृत रिपोर्ट तैयार कर केंद्र को भेज दी है और आगे की कार्रवाई के लिए समिति का गठन किया गया है। नई दिल्ली में आयोजित बैठक में अधिकारियों ने बताया कि राज्य सरकार ने प्रभावित क्षेत्रों में राहत कार्य तेज कर दिए हैं और स्थिति पर लगातार नजर रखी जा रही है। जिला प्रशासन ने लोगों से सतर्क रहने की अपील की है तथा आवश्यक सहायता उपलब्ध कराने के निर्देश दिए गए हैं। इस संबंध में विभाग ने विस्तृत रिपोर्ट तैयार कर केंद्र को भेज दी है और आगे की कार्रवाई के लिए समिति का गठन किया गया है।
सभी राज्य जनों ...
नई दिल्ली में आयोजित बैठक में अधिकारियों ने बताया कि राज्य सरकार ने प्रभावित क्षेत्रों में राहत कार्य तेज कर दिए हैं और स्थिति पर लगातार नजर रखी जा रही है। जिला प्रशासन ने लोगों से सतर्क रहने की अपील की है तथा आवश्यक सहायता उपलब्ध कराने के निर्देश दिए गए हैं। इस संबंध में विभाग ने विस्तृत रिपोर्ट तैयार कर केंद्र को भेज दी है और आगे की कार्रवाई के लिए समिति का गठन किया गया है। नई दिल्ली में आयोजित बैठक में अधिकारियों ने बताया कि राज्य सरकार ने प्रभावित क्षेत्रों में राहत कार्य तेज कर दिए हैं और स्थिति पर लगातार नजर रखी जा रही है। जिला प्रशासन ने लोगों से सतर्क रहने की अपील की है तथा आवश्यक सहायता उपलब्ध कराने के निर्देश दिए गए हैं। इस संबंध में विभाग ने विस्तृत रिपोर्ट तैयार कर केंद्र को भेज दी है और आगे की कार्रवाई के लिए समिति का गठन किया गया है।
नई दिल्ली में आयोजित बैठक में अधिकारियों ने बताया कि राज्य सरकार ने प्रभावित क्षेत्रों में राहत कार्य तेज कर दिए हैं और स्थिति पर लगातार नजर रखी जा रही है। जिला प्रशासन ने लोगों से सतर्क रहने की अपील की है तथा आवश्यक सहायता उपलब्ध कराने के निर्देश दिए गए हैं। इस संबंध में विभाग ने विस्तृत रिपोर्ट तैयार कर केंद्र को भेज दी है और आगे की कार्रवाई के लिए समिति का गठन किया गया है। नई दिल्ली में आयोजित बैठक में अधिकारियों ने बताया कि राज्य सरकार ने प्रभावित क्षेत्रों में राहत कार्य तेज कर दिए हैं और स्थिति पर लगातार नजर रखी जा रही है। जिला प्रशासन ने लोगों से सतर्क रहने की अपील की है तथा आवश्यक सहायता उपलब्ध कराने के निर्देश दिए गए हैं। इस संबंध में विभाग ने विस्तृत रिपोर्ट तैयार कर केंद्र को भेज दी है और आगे की कार्रवाई के लिए समिति का गठन किया गया है।
रीवा में बाढ़ सड़क...
नई दिल्ली में आयोजित बैठक में अधिकारियों ने बताया कि राज्य सरकार ने प्रभावित क्षेत्रों में राहत कार्य तेज कर दिए हैं और स्थिति पर लगातार नजर रखी जा रही है। जिला प्रशासन ने लोगों से सतर्क रहने की अपील की है तथा आवश्यक सहायता उपलब्ध कराने के निर्देश दिए गए हैं। इस संबंध में विभाग ने विस्तृत रिपोर्ट तैयार कर केंद्र को भेज दी है और आगे की कार्रवाई के लिए समिति का गठन किया गया है। नई दिल्ली में आयोजित बैठक में अधिकारियों ने बताया कि राज्य सरकार ने प्रभावित क्षेत्रों में राहत कार्य तेज कर दिए हैं और स्थिति पर लगातार नजर रखी जा रही है। जिला प्रशासन ने लोगों से सतर्क रहने की अपील की है तथा आवश्यक सहायता उपलब्ध कराने के निर्देश दिए गए हैं। इस संबंध में विभाग ने विस्तृत रिपोर्ट तैयार कर केंद्र को भेज दी है और आगे की कार्रवाई के लिए समिति का गठन किया गया है। नई दिल्ली में आयोजित बैठक में अधिकारियों ने बताया कि राज्य सरकार ने प्रभावित क्षेत्रों में राहत कार्य तेज कर दिए हैं और स्थिति पर लगातार नजर रखी जा रही है। जिला प्रशासन ने लोगों से सतर्क रहने की अपील की है तथा आवश्यक सहायता उपलब्ध कराने के निर्देश दिए गए हैं। इस संबंध में विभाग ने विस्तृत रिपोर्ट तैयार कर केंद्र को भेज दी है और आगे की कार्रवाई के लिए समिति का गठन किया गया है।
नक्सल प्रभावित क्षेत्रों ...
नई दिल्ली में आयोजित बैठक में अधिकारियों ने बताया कि राज्य सरकार ने प्रभावित क्षेत्रों में राहत कार्य तेज कर दिए हैं और स्थिति पर लगातार नजर रखी जा रही है। जिला प्रशासन ने लोगों से सतर्क रहने की अपील की है तथा आवश्यक सहायता उपलब्ध कराने के निर्देश दिए गए हैं। इस संबंध में विभाग ने विस्तृत रिपोर्ट तैयार कर केंद्र को भेज दी है और आगे की कार्रवाई के लिए समिति का गठन किया गया है। नई दिल्ली में आयोजित बैठक में अधिकारियों ने बताया कि राज्य सरकार ने प्रभावित क्षेत्रों में राहत कार्य तेज कर दिए हैं और स्थिति पर लगातार नजर रखी जा रही है। जिला प्रशासन ने लोगों से सतर्क रहने की अपील की है तथा आवश्यक सहायता उपलब्ध कराने के निर्देश दिए गए हैं। इस संबंध में विभाग ने विस्तृत रिपोर्ट तैयार कर केंद्र को भेज दी है और आगे की कार्रवाई के लिए समिति का गठन किया गया है।
नेपाल में रलिलिया...
नई दिल्ली में आयोजित बैठक में अधिकारियों ने बताया कि राज्य सरकार ने प्रभावित क्षेत्रों में राहत कार्य तेज कर दिए हैं और स्थिति पर लगातार नजर रखी जा रही है। जिला प्रशासन ने लोगों से सतर्क रहने की अपील की है तथा आवश्यक सहायता उपलब्ध कराने के निर्देश दिए गए हैं। इस संबंध में विभाग ने विस्तृत रिपोर्ट तैयार कर केंद्र को भेज दी है और आगे की कार्रवाई के लिए समिति का गठन किया गया है।
नई दिल्ली में आयोजित बैठक में अधिकारियों ने बताया कि राज्य सरकार ने प्रभावित क्षेत्रों में राहत कार्य तेज कर दिए हैं और स्थिति पर लगातार नजर रखी जा रही है। जिला प्रशासन ने लोगों से सतर्क रहने की अपील की है तथा आवश्यक सहायता उपलब्ध कराने के निर्देश दिए गए हैं। इस संबंध में विभाग ने विस्तृत रिपोर्ट तैयार कर केंद्र को भेज दी है और आगे की कार्रवाई के लिए समिति का गठन किया गया है। नई दिल्ली में आयोजित बैठक में अधिकारियों ने बताया कि राज्य सरकार ने प्रभावित क्षेत्रों में राहत कार्य तेज कर दिए हैं और स्थिति पर लगातार नजर रखी जा रही है। जिला प्रशासन ने लोगों से सतर्क रहने की अपील की है तथा आवश्यक सहायता उपलब्ध कराने के निर्देश दिए गए हैं। इस संबंध में विभाग ने विस्तृत रिपोर्ट तैयार कर केंद्र को भेज दी है और आगे की कार्रवाई के लिए समिति का गठन किया गया है। नई दिल्ली में आयोजित बैठक में अधिकारियों ने बताया कि राज्य सरकार ने प्रभावित क्षेत्रों में राहत कार्य तेज कर दिए हैं और स्थिति पर लगातार नजर रखी जा रही है। जिला प्रशासन ने लोगों से सतर्क रहने की अपील की है तथा आवश्यक सहायता उपलब्ध कराने के निर्देश दिए गए हैं। इस संबंध में विभाग ने विस्तृत रिपोर्ट तैयार कर केंद्र को भेज दी है और आगे की कार्रवाई के लिए समिति का गठन किया गया है।
सिलचर नगर निगम ...
नई दिल्ली में आयोजित बैठक में अधिकारियों ने बताया कि राज्य सरकार ने प्रभावित क्षेत्रों में राहत कार्य तेज कर दिए हैं और स्थिति पर लगातार नजर रखी जा रही है। जिला प्रशासन ने लोगों से सतर्क रहने की अपील की है तथा आवश्यक सहायता उपलब्ध कराने के निर्देश दिए गए हैं। इस संबंध में विभाग ने विस्तृत रिपोर्ट तैयार कर केंद्र को भेज दी है और आगे की कार्रवाई के लिए समिति का गठन किया गया है। नई दिल्ली में आयोजित बैठक में अधिकारियों ने बताया कि राज्य सरकार ने प्रभावित क्षेत्रों में राहत कार्य तेज कर दिए हैं और स्थिति पर लगातार नजर रखी जा रही है। जिला प्रशासन ने लोगों से सतर्क रहने की अपील की है तथा आवश्यक सहायता उपलब्ध कराने के निर्देश दिए गए हैं। इस संबंध में विभाग ने विस्तृत रिपोर्ट तैयार कर केंद्र को भेज दी है और आगे की कार्रवाई के लिए समिति का गठन किया गया है।
आंध प्रदेश में मलेरिया की ...
नई दिल्ली में आयोजित बैठक में अधिकारियों ने बताया कि राज्य सरकार ने प्रभावित क्षेत्रों में राहत कार्य तेज कर दिए हैं और स्थिति पर लगातार नजर रखी जा रही है। जिला प्रशासन ने लोगों से सतर्क रहने की अपील की है तथा आवश्यक सहायता उपलब्ध कराने के निर्देश दिए गए हैं। इस संबंध में विभाग ने विस्तृत रिपोर्ट तैयार कर केंद्र को भेज दी है और आगे की कार्रवाई के लिए समिति का गठन किया गया है। नई दिल्ली में आयोजित बैठक में अधिकारियों ने बताया कि राज्य सरकार ने प्रभावित क्षेत्रों में राहत कार्य तेज कर दिए हैं और स्थिति पर लगातार नजर रखी जा रही है। जिला प्रशासन ने लोगों से सतर्क रहने की अपील की है तथा आवश्यक सहायता उपलब्ध कराने के निर्देश दिए गए हैं। इस संबंध में विभाग ने विस्तृत रिपोर्ट तैयार कर केंद्र को भेज दी है और आगे की कार्रवाई के लिए समिति का गठन किया गया है। नई दिल्ली में आयोजित बैठक में अधिकारियों ने बताया कि राज्य सरकार ने प्रभावित क्षेत्रों में राहत कार्य तेज कर दिए हैं और स्थिति पर लगातार नजर रखी जा रही है। जिला प्रशासन ने लोगों से सतर्क रहने की अपील की है तथा आवश्यक सहायता उपलब्ध कराने के निर्देश दिए गए हैं। इस संबंध में विभाग ने विस्तृत रिपोर्ट तैयार कर केंद्र को भेज दी है और आगे की कार्रवाई के लिए समिति का गठन किया गया है।
